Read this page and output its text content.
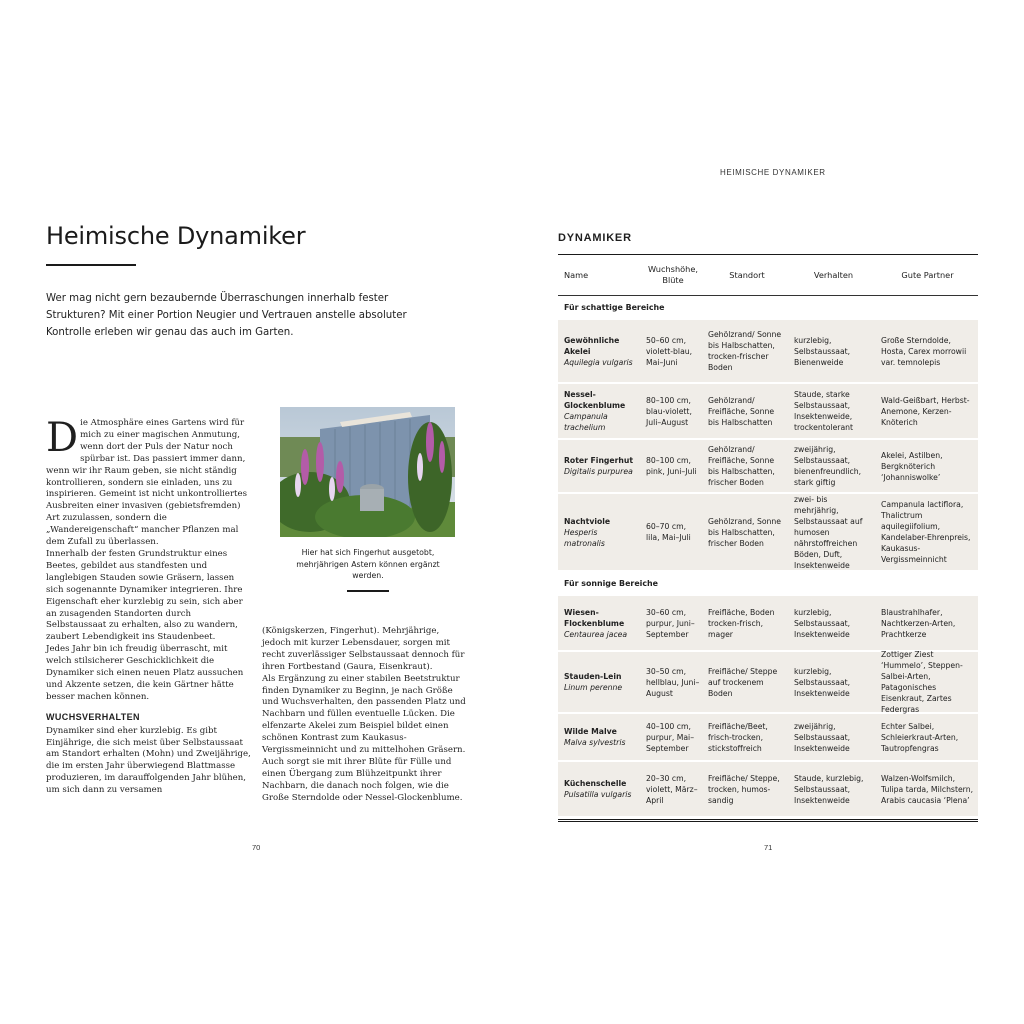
Heimische Dynamiker

Wer mag nicht gern bezaubernde Überraschungen innerhalb fester Strukturen? Mit einer Portion Neugier und Vertrauen anstelle absoluter Kontrolle erleben wir genau das auch im Garten.

Die Atmosphäre eines Gartens wird für mich zu einer magischen Anmutung, wenn dort der Puls der Natur noch spürbar ist. Das passiert immer dann, wenn wir ihr Raum geben, sie nicht ständig kontrollieren, sondern sie einladen, uns zu inspirieren. Gemeint ist nicht unkontrolliertes Ausbreiten einer invasiven (gebietsfremden) Art zuzulassen, sondern die „Wandereigenschaft“ mancher Pflanzen mal dem Zufall zu überlassen.

Innerhalb der festen Grundstruktur eines Beetes, gebildet aus standfesten und langlebigen Stauden sowie Gräsern, lassen sich sogenannte Dynamiker integrieren. Ihre Eigenschaft eher kurzlebig zu sein, sich aber an zusagenden Standorten durch Selbstaussaat zu erhalten, also zu wandern, zaubert Lebendigkeit ins Staudenbeet.

Jedes Jahr bin ich freudig überrascht, mit welch stilsicherer Geschicklichkeit die Dynamiker sich einen neuen Platz aussuchen und Akzente setzen, die kein Gärtner hätte besser machen können.

WUCHSVERHALTEN

Dynamiker sind eher kurzlebig. Es gibt Einjährige, die sich meist über Selbstaussaat am Standort erhalten (Mohn) und Zweijährige, die im ersten Jahr überwiegend Blattmasse produzieren, im darauffolgenden Jahr blühen, um sich dann zu versamen

Hier hat sich Fingerhut ausgetobt, mehrjährigen Astern können ergänzt werden.

(Königskerzen, Fingerhut). Mehrjährige, jedoch mit kurzer Lebensdauer, sorgen mit recht zuverlässiger Selbstaussaat dennoch für ihren Fortbestand (Gaura, Eisenkraut).

Als Ergänzung zu einer stabilen Beetstruktur finden Dynamiker zu Beginn, je nach Größe und Wuchsverhalten, den passenden Platz und Nachbarn und füllen eventuelle Lücken. Die elfenzarte Akelei zum Beispiel bildet einen schönen Kontrast zum Kaukasus-Vergissmeinnicht und zu mittelhohen Gräsern. Auch sorgt sie mit ihrer Blüte für Fülle und einen Übergang zum Blühzeitpunkt ihrer Nachbarn, die danach noch folgen, wie die Große Sterndolde oder Nessel-Glockenblume.

70
HEIMISCHE DYNAMIKER
DYNAMIKER
Name
Wuchshöhe, Blüte
Standort	Verhalten	Gute Partner
Für schattige Bereiche
Gewöhnliche Akelei
Aquilegia vulgaris
50–60 cm, violett-blau, Mai–Juni
Gehölzrand/ Sonne bis Halbschatten, trocken-frischer Boden
kurzlebig, Selbstaussaat, Bienenweide
Große Sterndolde, Hosta, Carex morrowii var. temnolepis
Nessel-Glockenblume
Campanula trachelium
80–100 cm, blau-violett, Juli–August
Gehölzrand/ Freifläche, Sonne bis Halbschatten
Staude, starke Selbstaussaat, Insektenweide, trockentolerant
Wald-Geißbart, Herbst-Anemone, Kerzen-Knöterich
Roter Fingerhut
Digitalis purpurea
80–100 cm, pink, Juni–Juli
Gehölzrand/ Freifläche, Sonne bis Halbschatten, frischer Boden
zweijährig, Selbstaussaat, bienenfreundlich, stark giftig
Akelei, Astilben, Bergknöterich ‘Johanniswolke’
Nachtviole
Hesperis matronalis
60–70 cm, lila, Mai–Juli
Gehölzrand, Sonne bis Halbschatten, frischer Boden
zwei- bis mehrjährig, Selbstaussaat auf humosen nährstoffreichen Böden, Duft, Insektenweide
Campanula lactiflora, Thalictrum aquilegiifolium, Kandelaber-Ehrenpreis, Kaukasus-Vergissmeinnicht
Für sonnige Bereiche
Wiesen-Flockenblume
Centaurea jacea
30–60 cm, purpur, Juni–September
Freifläche, Boden trocken-frisch, mager
kurzlebig, Selbstaussaat, Insektenweide
Blaustrahlhafer, Nachtkerzen-Arten, Prachtkerze
Stauden-Lein
Linum perenne
30–50 cm, hellblau, Juni–August
Freifläche/ Steppe auf trockenem Boden
kurzlebig, Selbstaussaat, Insektenweide
Zottiger Ziest ‘Hummelo’, Steppen-Salbei-Arten, Patagonisches Eisenkraut, Zartes Federgras
Wilde Malve
Malva sylvestris
40–100 cm, purpur, Mai–September
Freifläche/Beet, frisch-trocken, stickstoffreich
zweijährig, Selbstaussaat, Insektenweide
Echter Salbei, Schleierkraut-Arten, Tautropfengras
Küchenschelle
Pulsatilla vulgaris
20–30 cm, violett, März–April
Freifläche/ Steppe, trocken, humos-sandig
Staude, kurzlebig, Selbstaussaat, Insektenweide
Walzen-Wolfsmilch, Tulipa tarda, Milchstern, Arabis caucasia ‘Plena’
71
